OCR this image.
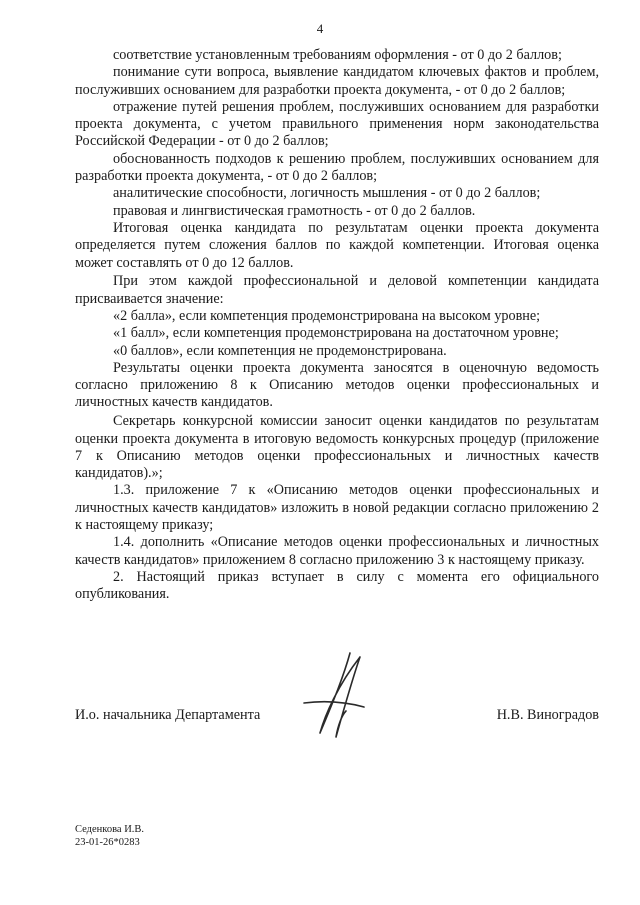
4

соответствие установленным требованиям оформления - от 0 до 2 баллов;

понимание сути вопроса, выявление кандидатом ключевых фактов и проблем, послуживших основанием для разработки проекта документа, - от 0 до 2 баллов;

отражение путей решения проблем, послуживших основанием для разработки проекта документа, с учетом правильного применения норм законодательства Российской Федерации - от 0 до 2 баллов;

обоснованность подходов к решению проблем, послуживших основанием для разработки проекта документа, - от 0 до 2 баллов;

аналитические способности, логичность мышления - от 0 до 2 баллов;

правовая и лингвистическая грамотность - от 0 до 2 баллов.

Итоговая оценка кандидата по результатам оценки проекта документа определяется путем сложения баллов по каждой компетенции. Итоговая оценка может составлять от 0 до 12 баллов.

При этом каждой профессиональной и деловой компетенции кандидата присваивается значение:

«2 балла», если компетенция продемонстрирована на высоком уровне;

«1 балл», если компетенция продемонстрирована на достаточном уровне;

«0 баллов», если компетенция не продемонстрирована.

Результаты оценки проекта документа заносятся в оценочную ведомость согласно приложению 8 к Описанию методов оценки профессиональных и личностных качеств кандидатов.

Секретарь конкурсной комиссии заносит оценки кандидатов по результатам оценки проекта документа в итоговую ведомость конкурсных процедур (приложение 7 к Описанию методов оценки профессиональных и личностных качеств кандидатов).»;

1.3. приложение 7 к «Описанию методов оценки профессиональных и личностных качеств кандидатов» изложить в новой редакции согласно приложению 2 к настоящему приказу;

1.4. дополнить «Описание методов оценки профессиональных и личностных качеств кандидатов» приложением 8 согласно приложению 3 к настоящему приказу.

2. Настоящий приказ вступает в силу с момента его официального опубликования.

И.о. начальника Департамента	Н.В. Виноградов
Седенкова И.В.
23-01-26*0283
